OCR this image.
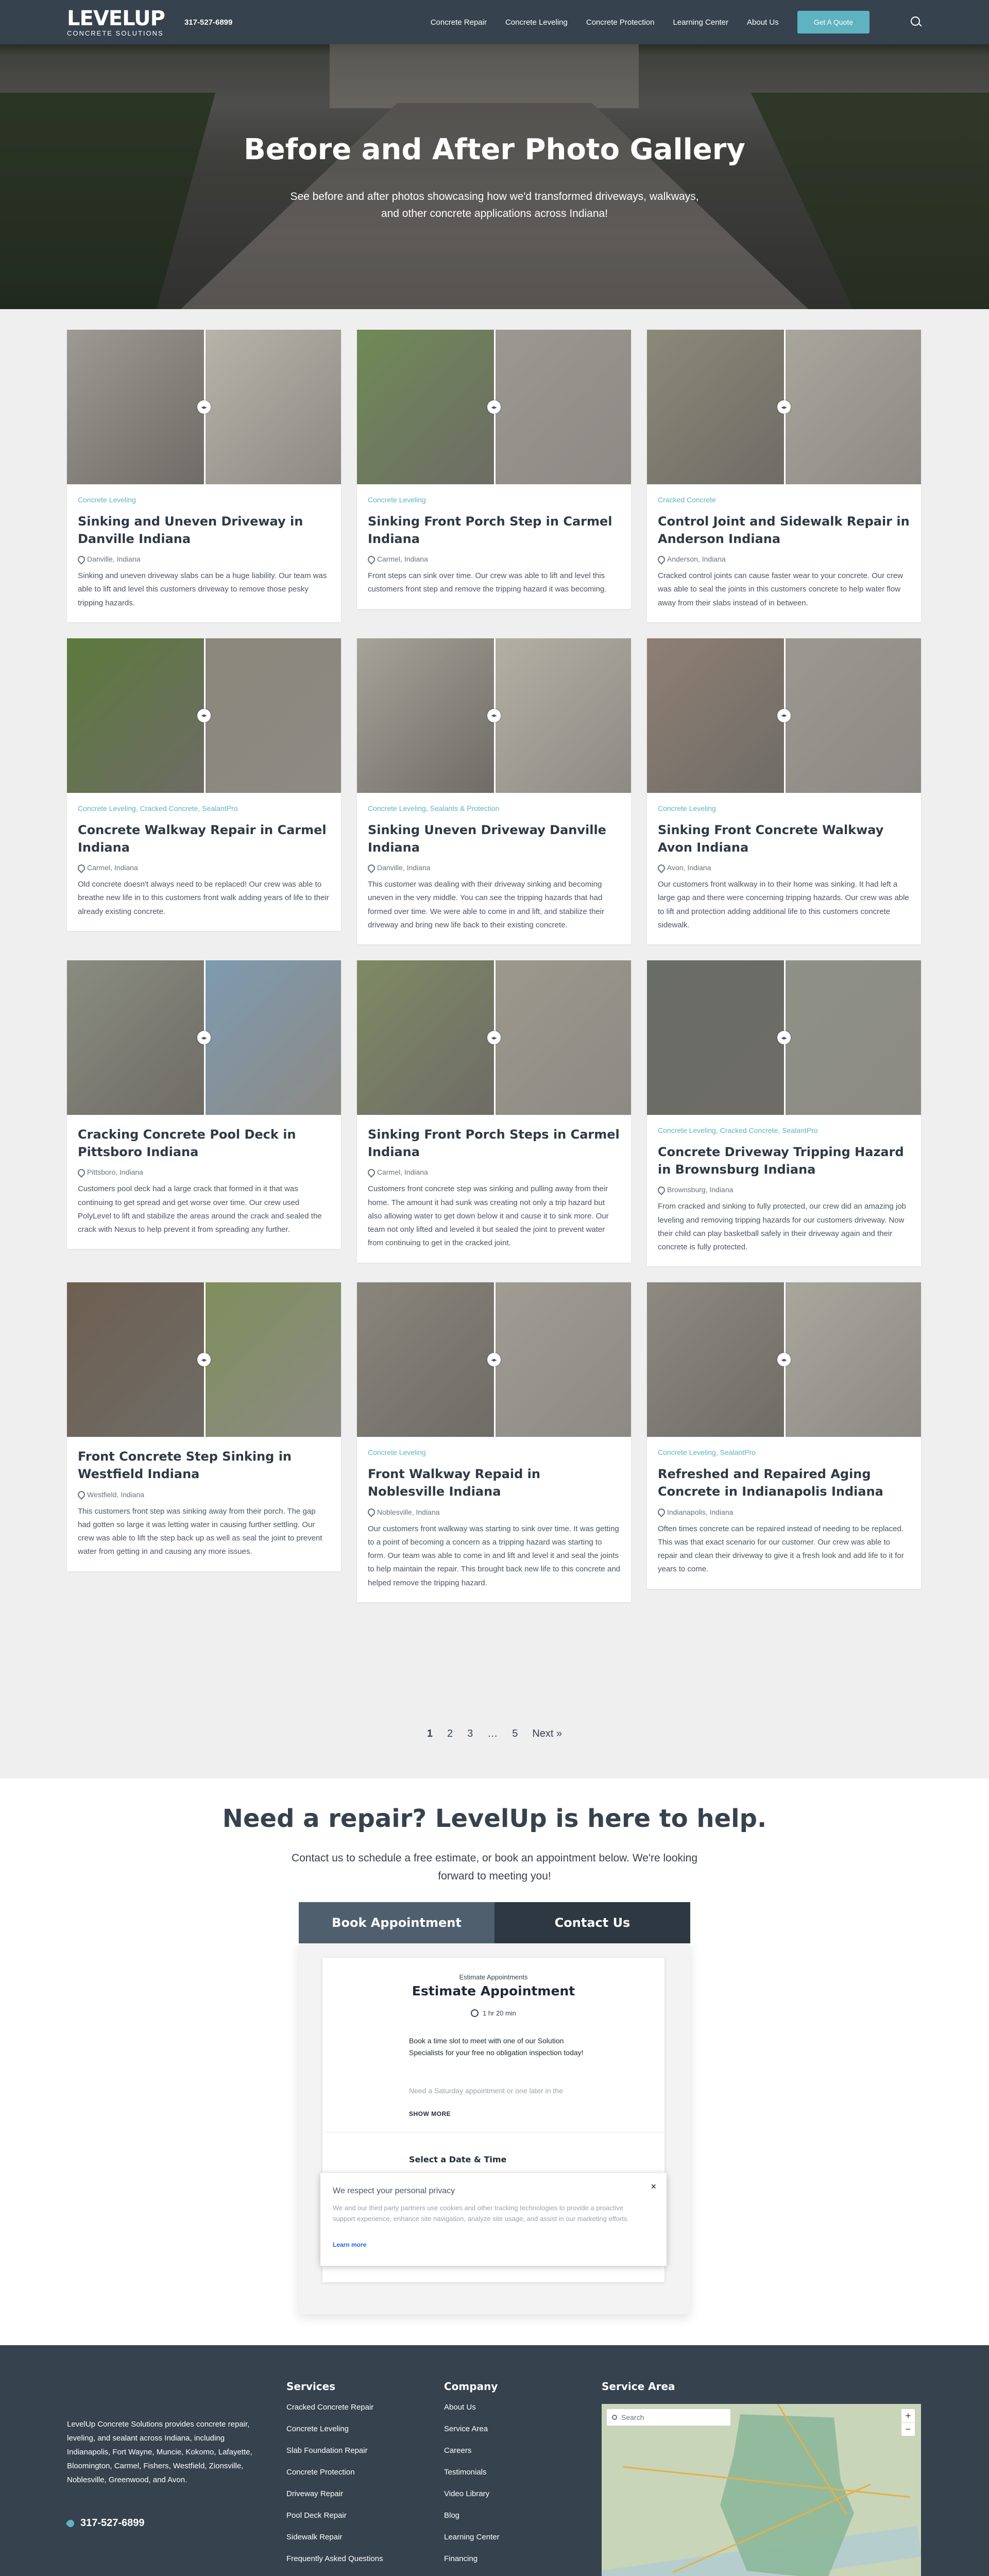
Before and After Photo Gallery

See before and after photos showcasing how we'd transformed driveways, walkways, and other concrete applications across Indiana!

LEVELUP
CONCRETE SOLUTIONS
317-527-6899	Concrete Repair Concrete Leveling Concrete Protection Learning Center About Us	Get A Quote
◂▸
Concrete Leveling
Sinking and Uneven Driveway in Danville Indiana
Danville, Indiana

Sinking and uneven driveway slabs can be a huge liability. Our team was able to lift and level this customers driveway to remove those pesky tripping hazards.

◂▸
Concrete Leveling
Sinking Front Porch Step in Carmel Indiana
Carmel, Indiana

Front steps can sink over time. Our crew was able to lift and level this customers front step and remove the tripping hazard it was becoming.

◂▸
Cracked Concrete
Control Joint and Sidewalk Repair in Anderson Indiana
Anderson, Indiana

Cracked control joints can cause faster wear to your concrete. Our crew was able to seal the joints in this customers concrete to help water flow away from their slabs instead of in between.

◂▸
Concrete Leveling, Cracked Concrete, SealantPro
Concrete Walkway Repair in Carmel Indiana
Carmel, Indiana

Old concrete doesn't always need to be replaced! Our crew was able to breathe new life in to this customers front walk adding years of life to their already existing concrete.

◂▸
Concrete Leveling, Sealants & Protection
Sinking Uneven Driveway Danville Indiana
Danville, Indiana

This customer was dealing with their driveway sinking and becoming uneven in the very middle. You can see the tripping hazards that had formed over time. We were able to come in and lift, and stabilize their driveway and bring new life back to their existing concrete.

◂▸
Concrete Leveling
Sinking Front Concrete Walkway Avon Indiana
Avon, Indiana

Our customers front walkway in to their home was sinking. It had left a large gap and there were concerning tripping hazards. Our crew was able to lift and protection adding additional life to this customers concrete sidewalk.

◂▸
Cracking Concrete Pool Deck in Pittsboro Indiana
Pittsboro, Indiana

Customers pool deck had a large crack that formed in it that was continuing to get spread and get worse over time. Our crew used PolyLevel to lift and stabilize the areas around the crack and sealed the crack with Nexus to help prevent it from spreading any further.

◂▸
Sinking Front Porch Steps in Carmel Indiana
Carmel, Indiana

Customers front concrete step was sinking and pulling away from their home. The amount it had sunk was creating not only a trip hazard but also allowing water to get down below it and cause it to sink more. Our team not only lifted and leveled it but sealed the joint to prevent water from continuing to get in the cracked joint.

◂▸
Concrete Leveling, Cracked Concrete, SealantPro
Concrete Driveway Tripping Hazard in Brownsburg Indiana
Brownsburg, Indiana

From cracked and sinking to fully protected, our crew did an amazing job leveling and removing tripping hazards for our customers driveway. Now their child can play basketball safely in their driveway again and their concrete is fully protected.

◂▸
Front Concrete Step Sinking in Westfield Indiana
Westfield, Indiana

This customers front step was sinking away from their porch. The gap had gotten so large it was letting water in causing further settling. Our crew was able to lift the step back up as well as seal the joint to prevent water from getting in and causing any more issues.

◂▸
Concrete Leveling
Front Walkway Repaid in Noblesville Indiana
Noblesville, Indiana

Our customers front walkway was starting to sink over time. It was getting to a point of becoming a concern as a tripping hazard was starting to form. Our team was able to come in and lift and level it and seal the joints to help maintain the repair. This brought back new life to this concrete and helped remove the tripping hazard.

◂▸
Concrete Leveling, SealantPro
Refreshed and Repaired Aging Concrete in Indianapolis Indiana
Indianapolis, Indiana

Often times concrete can be repaired instead of needing to be replaced. This was that exact scenario for our customer. Our crew was able to repair and clean their driveway to give it a fresh look and add life to it for years to come.

1 2 3 … 5 Next »
Need a repair? LevelUp is here to help.

Contact us to schedule a free estimate, or book an appointment below. We're looking forward to meeting you!

Book Appointment	Contact Us
Estimate Appointments
Estimate Appointment
1 hr 20 min

Book a time slot to meet with one of our Solution Specialists for your free no obligation inspection today!

Need a Saturday appointment or one later in the

SHOW MORE
Select a Date & Time
We respect your personal privacy	×

We and our third party partners use cookies and other tracking technologies to provide a proactive support experience, enhance site navigation, analyze site usage, and assist in our marketing efforts.

Learn more

LevelUp Concrete Solutions provides concrete repair, leveling, and sealant across Indiana, including Indianapolis, Fort Wayne, Muncie, Kokomo, Lafayette, Bloomington, Carmel, Fishers, Westfield, Zionsville, Noblesville, Greenwood, and Avon.

317-527-6899
Services
Cracked Concrete Repair
Concrete Leveling
Slab Foundation Repair
Concrete Protection
Driveway Repair
Pool Deck Repair
Sidewalk Repair
Frequently Asked Questions
Company
About Us
Service Area
Careers
Testimonials
Video Library
Blog
Learning Center
Financing
Service Area
Search	+
−
